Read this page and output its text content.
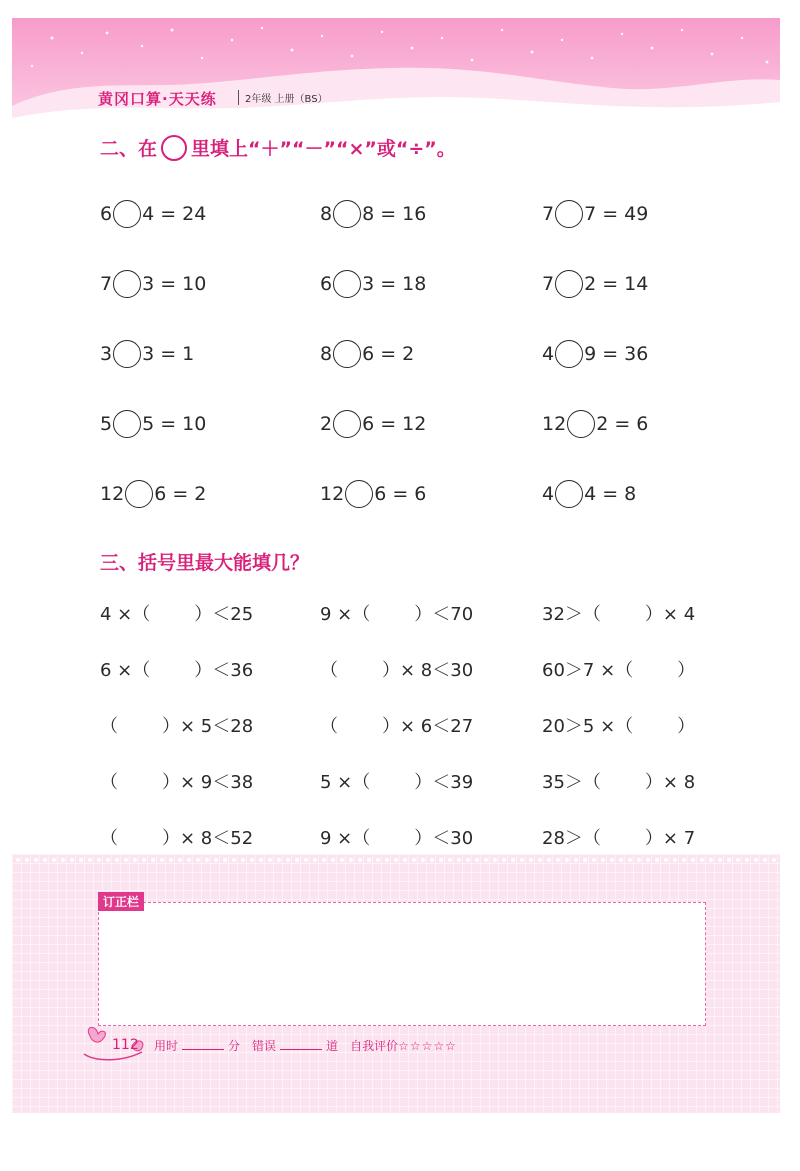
黄冈口算·天天练	2年级 上册（BS）
二、在 里填上“＋”“－”“×”或“÷”。
6 4 = 24	8 8 = 16	7 7 = 49
7 3 = 10	6 3 = 18	7 2 = 14
3 3 = 1	8 6 = 2	4 9 = 36
5 5 = 10	2 6 = 12	12 2 = 6
12 6 = 2	12 6 = 6	4 4 = 8
三、括号里最大能填几？
4 ×（ ）＜25	9 ×（ ）＜70	32＞（ ）× 4
6 ×（ ）＜36	（ ）× 8＜30	60＞7 ×（ ）
（ ）× 5＜28	（ ）× 6＜27	20＞5 ×（ ）
（ ）× 9＜38	5 ×（ ）＜39	35＞（ ）× 8
（ ）× 8＜52	9 ×（ ）＜30	28＞（ ）× 7
订正栏
112 用时	分 错误	道 自我评价☆☆☆☆☆
